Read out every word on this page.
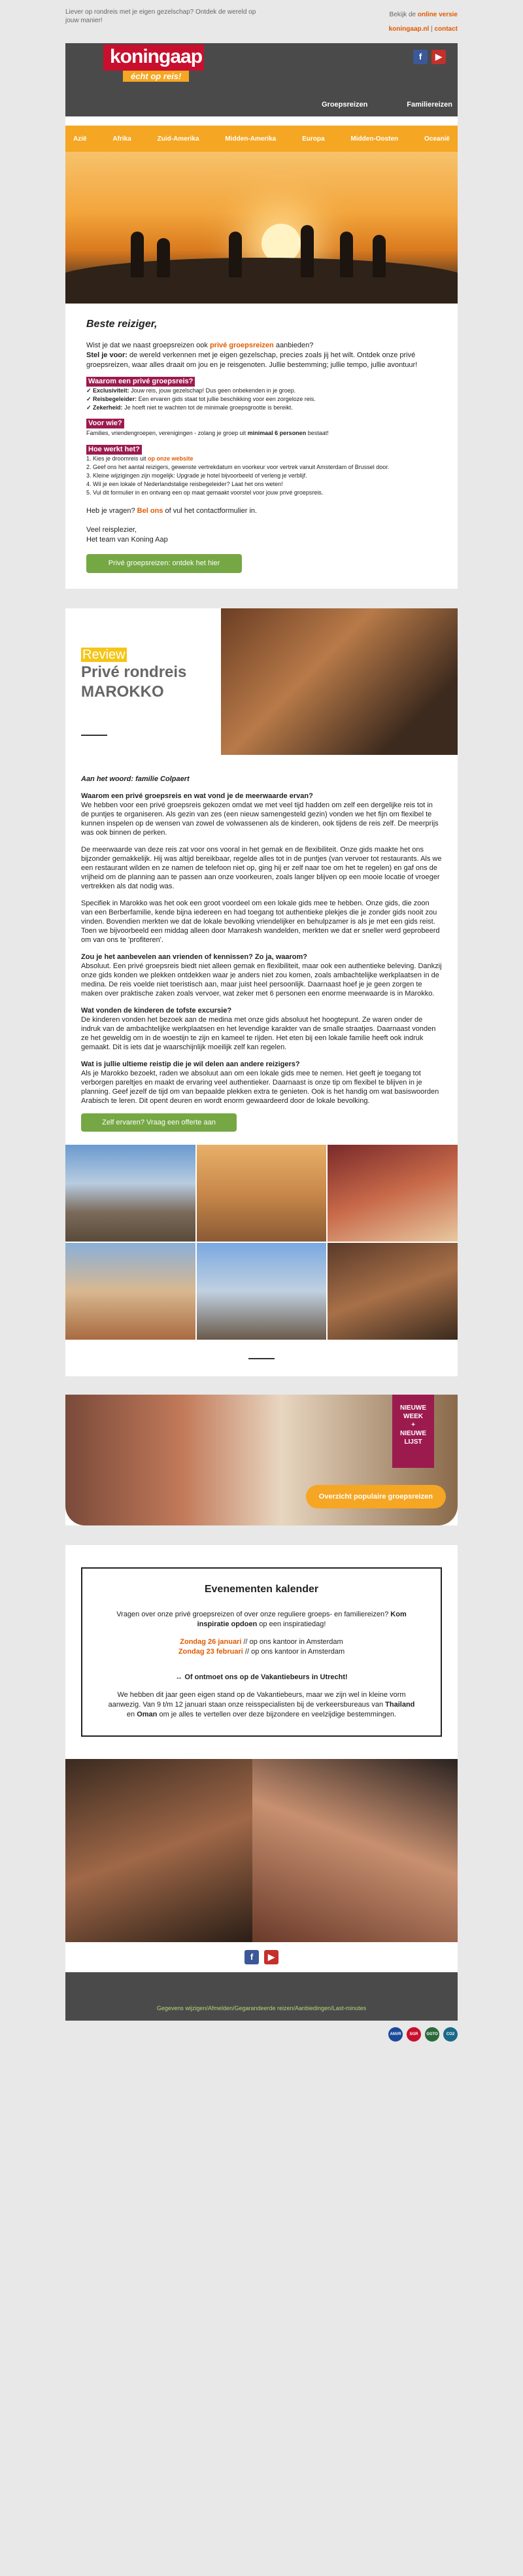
Liever op rondreis met je eigen gezelschap? Ontdek de wereld op jouw manier!
Bekijk de online versie
koningaap.nl | contact
koningaap
écht op reis!
f	▶
Groepsreizen	Familiereizen
Azië	Afrika	Zuid-Amerika	Midden-Amerika	Europa	Midden-Oosten	Oceanië
Beste reiziger,

Wist je dat we naast groepsreizen ook privé groepsreizen aanbieden?

Stel je voor: de wereld verkennen met je eigen gezelschap, precies zoals jij het wilt. Ontdek onze privé groepsreizen, waar alles draait om jou en je reisgenoten. Jullie bestemming; jullie tempo, jullie avontuur!

Waarom een privé groepsreis?
✓ Exclusiviteit: Jouw reis, jouw gezelschap! Dus geen onbekenden in je groep.
✓ Reisbegeleider: Een ervaren gids staat tot jullie beschikking voor een zorgeloze reis.
✓ Zekerheid: Je hoeft niet te wachten tot de minimale groepsgrootte is bereikt.
Voor wie?
Families, vriendengroepen, verenigingen - zolang je groep uit minimaal 6 personen bestaat!
Hoe werkt het?
1. Kies je droomreis uit op onze website
2. Geef ons het aantal reizigers, gewenste vertrekdatum en voorkeur voor vertrek vanuit Amsterdam of Brussel door.
3. Kleine wijzigingen zijn mogelijk: Upgrade je hotel bijvoorbeeld of verleng je verblijf.
4. Wil je een lokale of Nederlandstalige reisbegeleider? Laat het ons weten!
5. Vul dit formulier in en ontvang een op maat gemaakt voorstel voor jouw privé groepsreis.

Heb je vragen? Bel ons of vul het contactformulier in.

Veel reisplezier,
Het team van Koning Aap

Privé groepsreizen: ontdek het hier
Review
Privé rondreis
MAROKKO

Aan het woord: familie Colpaert

Waarom een privé groepsreis en wat vond je de meerwaarde ervan?
We hebben voor een privé groepsreis gekozen omdat we met veel tijd hadden om zelf een dergelijke reis tot in de puntjes te organiseren. Als gezin van zes (een nieuw samengesteld gezin) vonden we het fijn om flexibel te kunnen inspelen op de wensen van zowel de volwassenen als de kinderen, ook tijdens de reis zelf. De meerprijs was ook binnen de perken.

De meerwaarde van deze reis zat voor ons vooral in het gemak en de flexibiliteit. Onze gids maakte het ons bijzonder gemakkelijk. Hij was altijd bereikbaar, regelde alles tot in de puntjes (van vervoer tot restaurants. Als we een restaurant wilden en ze namen de telefoon niet op, ging hij er zelf naar toe om het te regelen) en gaf ons de vrijheid om de planning aan te passen aan onze voorkeuren, zoals langer blijven op een mooie locatie of vroeger vertrekken als dat nodig was.

Specifiek in Marokko was het ook een groot voordeel om een lokale gids mee te hebben. Onze gids, die zoon van een Berberfamilie, kende bijna iedereen en had toegang tot authentieke plekjes die je zonder gids nooit zou vinden. Bovendien merkten we dat de lokale bevolking vriendelijker en behulpzamer is als je met een gids reist. Toen we bijvoorbeeld een middag alleen door Marrakesh wandelden, merkten we dat er sneller werd geprobeerd om van ons te 'profiteren'.

Zou je het aanbevelen aan vrienden of kennissen? Zo ja, waarom?
Absoluut. Een privé groepsreis biedt niet alleen gemak en flexibiliteit, maar ook een authentieke beleving. Dankzij onze gids konden we plekken ontdekken waar je anders niet zou komen, zoals ambachtelijke werkplaatsen in de medina. De reis voelde niet toeristisch aan, maar juist heel persoonlijk. Daarnaast hoef je je geen zorgen te maken over praktische zaken zoals vervoer, wat zeker met 6 personen een enorme meerwaarde is in Marokko.

Wat vonden de kinderen de tofste excursie?
De kinderen vonden het bezoek aan de medina met onze gids absoluut het hoogtepunt. Ze waren onder de indruk van de ambachtelijke werkplaatsen en het levendige karakter van de smalle straatjes. Daarnaast vonden ze het geweldig om in de woestijn te zijn en kameel te rijden. Het eten bij een lokale familie heeft ook indruk gemaakt. Dit is iets dat je waarschijnlijk moeilijk zelf kan regelen.

Wat is jullie ultieme reistip die je wil delen aan andere reizigers?
Als je Marokko bezoekt, raden we absoluut aan om een lokale gids mee te nemen. Het geeft je toegang tot verborgen pareltjes en maakt de ervaring veel authentieker. Daarnaast is onze tip om flexibel te blijven in je planning. Geef jezelf de tijd om van bepaalde plekken extra te genieten. Ook is het handig om wat basiswoorden Arabisch te leren. Dit opent deuren en wordt enorm gewaardeerd door de lokale bevolking.

Zelf ervaren? Vraag een offerte aan
NIEUWE
WEEK
+
NIEUWE
LIJST
Overzicht populaire groepsreizen
Evenementen kalender

Vragen over onze privé groepsreizen of over onze reguliere groeps- en familiereizen? Kom inspiratie opdoen op een inspiratiedag!

Zondag 26 januari // op ons kantoor in Amsterdam

Zondag 23 februari // op ons kantoor in Amsterdam

↔ Of ontmoet ons op de Vakantiebeurs in Utrecht!

We hebben dit jaar geen eigen stand op de Vakantiebeurs, maar we zijn wel in kleine vorm aanwezig. Van 9 t/m 12 januari staan onze reisspecialisten bij de verkeersbureaus van Thailand en Oman om je alles te vertellen over deze bijzondere en veelzijdige bestemmingen.

f	▶
Gegevens wijzigen/Afmelden/Gegarandeerde reizen/Aanbiedingen/Last-minutes
ANVR	SGR	GGTO	CO2
